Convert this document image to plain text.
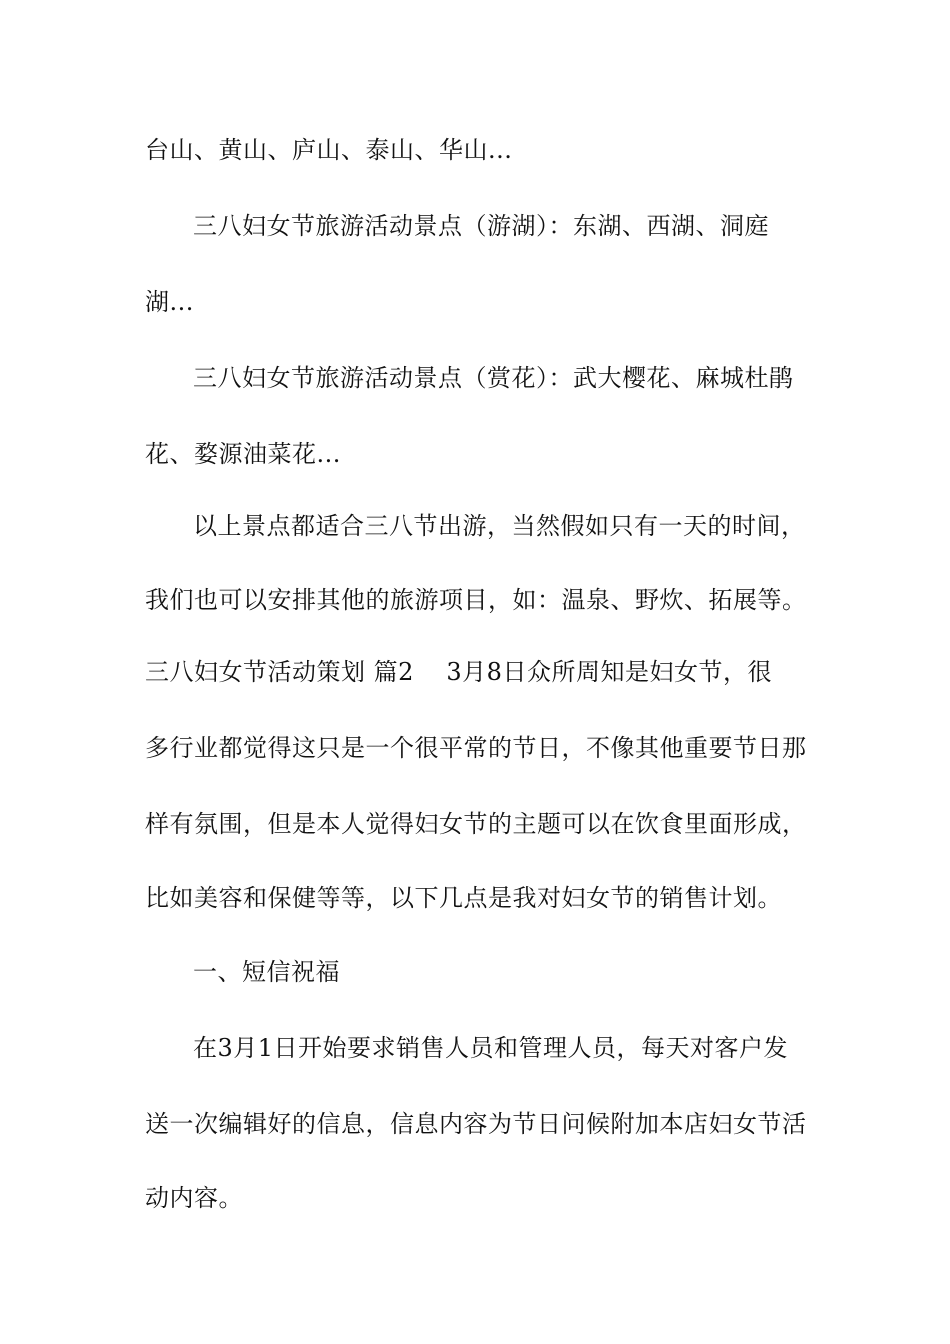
台山、黄山、庐山、泰山、华山...
三八妇女节旅游活动景点（游湖）：东湖、西湖、洞庭
湖...
三八妇女节旅游活动景点（赏花）：武大樱花、麻城杜鹃
花、婺源油菜花...
以上景点都适合三八节出游，当然假如只有一天的时间，
我们也可以安排其他的旅游项目，如：温泉、野炊、拓展等。
三八妇女节活动策划 篇2    3月8日众所周知是妇女节，很
多行业都觉得这只是一个很平常的节日，不像其他重要节日那
样有氛围，但是本人觉得妇女节的主题可以在饮食里面形成，
比如美容和保健等等，以下几点是我对妇女节的销售计划。
一、短信祝福
在3月1日开始要求销售人员和管理人员，每天对客户发
送一次编辑好的信息，信息内容为节日问候附加本店妇女节活
动内容。
